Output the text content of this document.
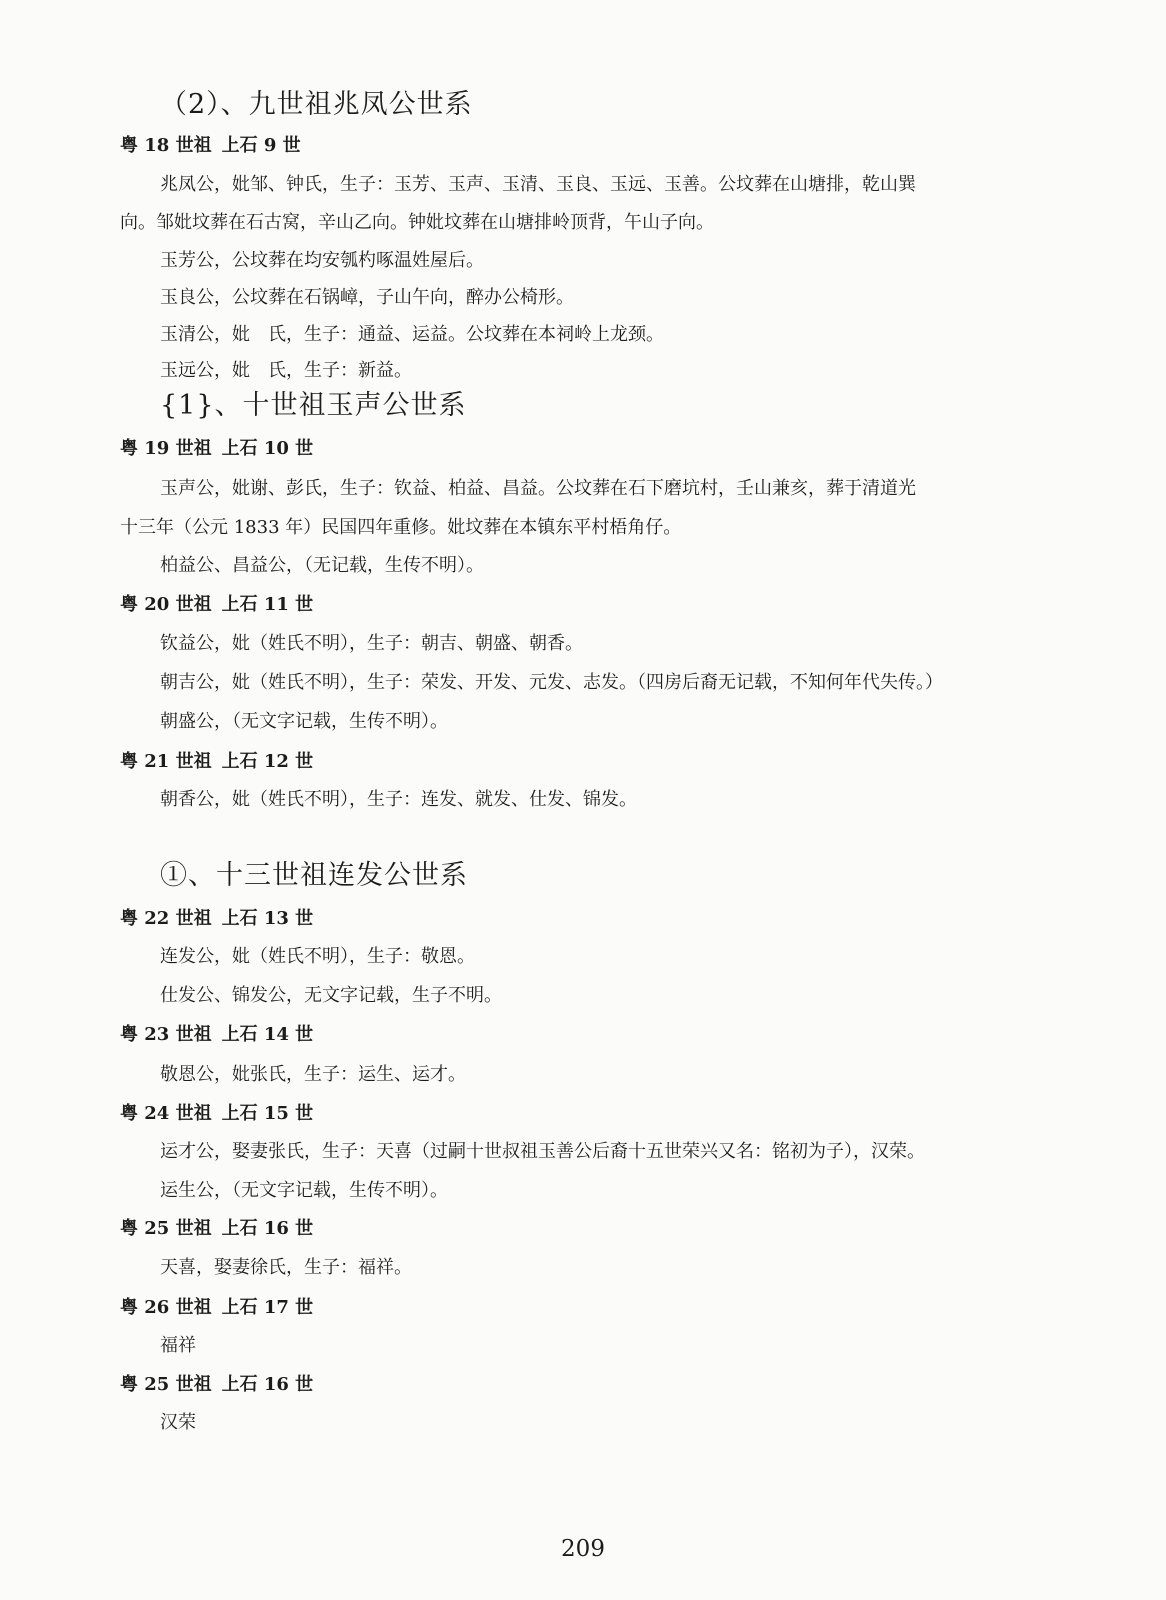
（2）、九世祖兆凤公世系
粤 18 世祖 上石 9 世
兆凤公，妣邹、钟氏，生子：玉芳、玉声、玉清、玉良、玉远、玉善。公坟葬在山塘排，乾山巽
向。邹妣坟葬在石古窝，辛山乙向。钟妣坟葬在山塘排岭顶背，午山子向。
玉芳公，公坟葬在均安瓠杓啄温姓屋后。
玉良公，公坟葬在石锅嶂，子山午向，醉办公椅形。
玉清公，妣　氏，生子：通益、运益。公坟葬在本祠岭上龙颈。
玉远公，妣　氏，生子：新益。
{1}、十世祖玉声公世系
粤 19 世祖 上石 10 世
玉声公，妣谢、彭氏，生子：钦益、柏益、昌益。公坟葬在石下磨坑村，壬山兼亥，葬于清道光
十三年（公元 1833 年）民国四年重修。妣坟葬在本镇东平村梧角仔。
柏益公、昌益公，（无记载，生传不明）。
粤 20 世祖 上石 11 世
钦益公，妣（姓氏不明），生子：朝吉、朝盛、朝香。
朝吉公，妣（姓氏不明），生子：荣发、开发、元发、志发。（四房后裔无记载，不知何年代失传。）
朝盛公，（无文字记载，生传不明）。
粤 21 世祖 上石 12 世
朝香公，妣（姓氏不明），生子：连发、就发、仕发、锦发。
①、十三世祖连发公世系
粤 22 世祖 上石 13 世
连发公，妣（姓氏不明），生子：敬恩。
仕发公、锦发公，无文字记载，生子不明。
粤 23 世祖 上石 14 世
敬恩公，妣张氏，生子：运生、运才。
粤 24 世祖 上石 15 世
运才公，娶妻张氏，生子：天喜（过嗣十世叔祖玉善公后裔十五世荣兴又名：铭初为子），汉荣。
运生公，（无文字记载，生传不明）。
粤 25 世祖 上石 16 世
天喜，娶妻徐氏，生子：福祥。
粤 26 世祖 上石 17 世
福祥
粤 25 世祖 上石 16 世
汉荣
209
